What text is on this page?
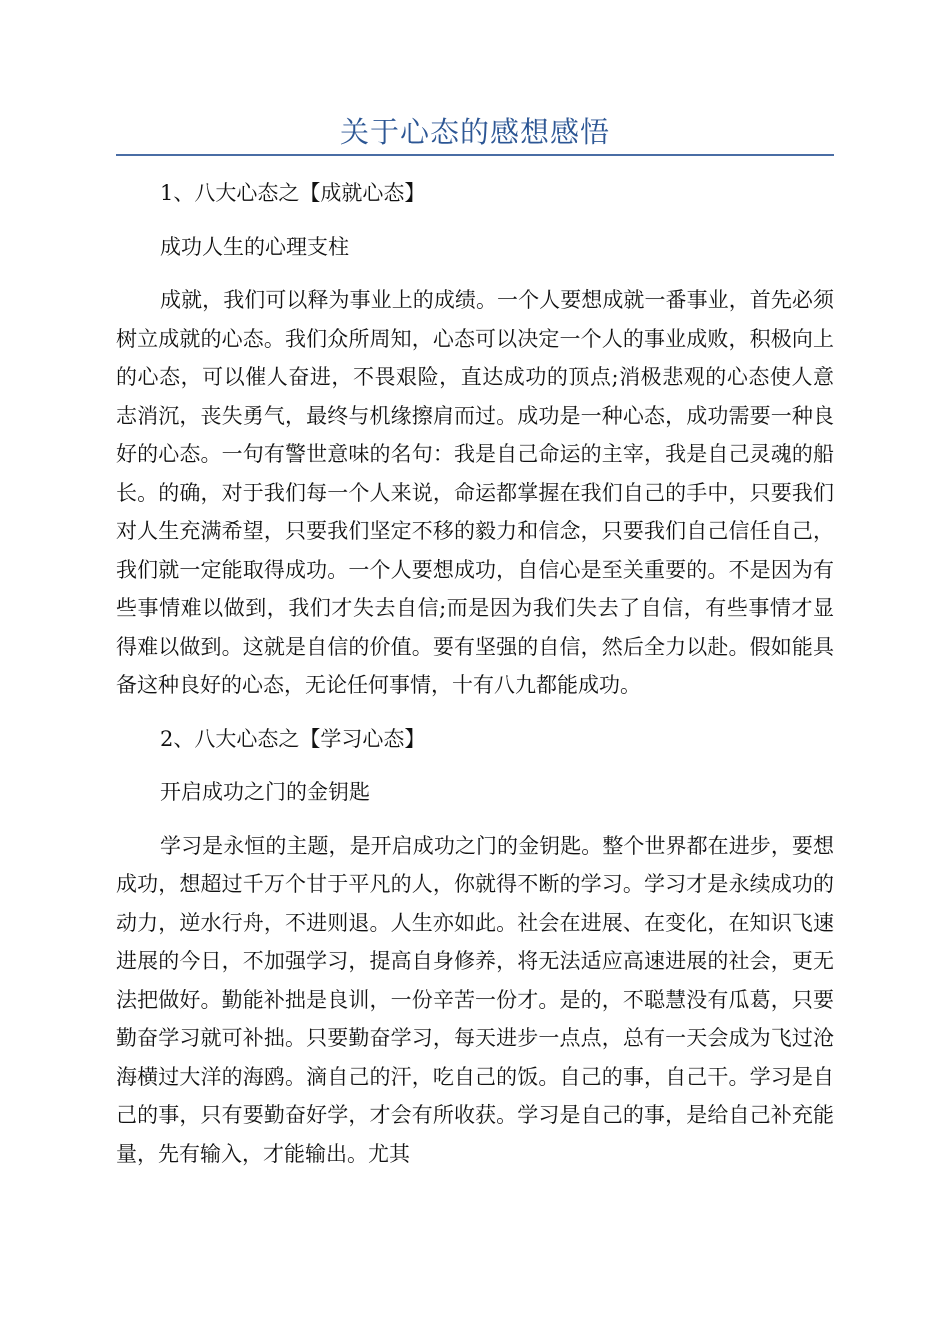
关于心态的感想感悟

1、八大心态之【成就心态】

成功人生的心理支柱

成就，我们可以释为事业上的成绩。一个人要想成就一番事业，首先必须树立成就的心态。我们众所周知，心态可以决定一个人的事业成败，积极向上的心态，可以催人奋进，不畏艰险，直达成功的顶点;消极悲观的心态使人意志消沉，丧失勇气，最终与机缘擦肩而过。成功是一种心态，成功需要一种良好的心态。一句有警世意味的名句：我是自己命运的主宰，我是自己灵魂的船长。的确，对于我们每一个人来说，命运都掌握在我们自己的手中，只要我们对人生充满希望，只要我们坚定不移的毅力和信念，只要我们自己信任自己，我们就一定能取得成功。一个人要想成功，自信心是至关重要的。不是因为有些事情难以做到，我们才失去自信;而是因为我们失去了自信，有些事情才显得难以做到。这就是自信的价值。要有坚强的自信，然后全力以赴。假如能具备这种良好的心态，无论任何事情，十有八九都能成功。

2、八大心态之【学习心态】

开启成功之门的金钥匙

学习是永恒的主题，是开启成功之门的金钥匙。整个世界都在进步，要想成功，想超过千万个甘于平凡的人，你就得不断的学习。学习才是永续成功的动力，逆水行舟，不进则退。人生亦如此。社会在进展、在变化，在知识飞速进展的今日，不加强学习，提高自身修养，将无法适应高速进展的社会，更无法把做好。勤能补拙是良训，一份辛苦一份才。是的，不聪慧没有瓜葛，只要勤奋学习就可补拙。只要勤奋学习，每天进步一点点，总有一天会成为飞过沧海横过大洋的海鸥。滴自己的汗，吃自己的饭。自己的事，自己干。学习是自己的事，只有要勤奋好学，才会有所收获。学习是自己的事，是给自己补充能量，先有输入，才能输出。尤其
